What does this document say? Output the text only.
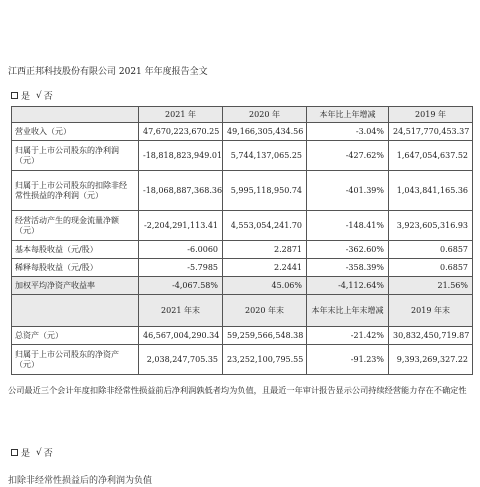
江西正邦科技股份有限公司 2021 年年度报告全文
是 √ 否
	2021 年	2020 年	本年比上年增减	2019 年
营业收入（元）	47,670,223,670.25	49,166,305,434.56	-3.04%	24,517,770,453.37
归属于上市公司股东的净利润（元）	-18,818,823,949.01	5,744,137,065.25	-427.62%	1,647,054,637.52
归属于上市公司股东的扣除非经常性损益的净利润（元）	-18,068,887,368.36	5,995,118,950.74	-401.39%	1,043,841,165.36
经营活动产生的现金流量净额（元）	-2,204,291,113.41	4,553,054,241.70	-148.41%	3,923,605,316.93
基本每股收益（元/股）	-6.0060	2.2871	-362.60%	0.6857
稀释每股收益（元/股）	-5.7985	2.2441	-358.39%	0.6857
加权平均净资产收益率	-4,067.58%	45.06%	-4,112.64%	21.56%
	2021 年末	2020 年末	本年末比上年末增减	2019 年末
总资产（元）	46,567,004,290.34	59,259,566,548.38	-21.42%	30,832,450,719.87
归属于上市公司股东的净资产（元）	2,038,247,705.35	23,252,100,795.55	-91.23%	9,393,269,327.22
公司最近三个会计年度扣除非经常性损益前后净利润孰低者均为负值，且最近一年审计报告显示公司持续经营能力存在不确定性
是 √ 否
扣除非经常性损益后的净利润为负值
